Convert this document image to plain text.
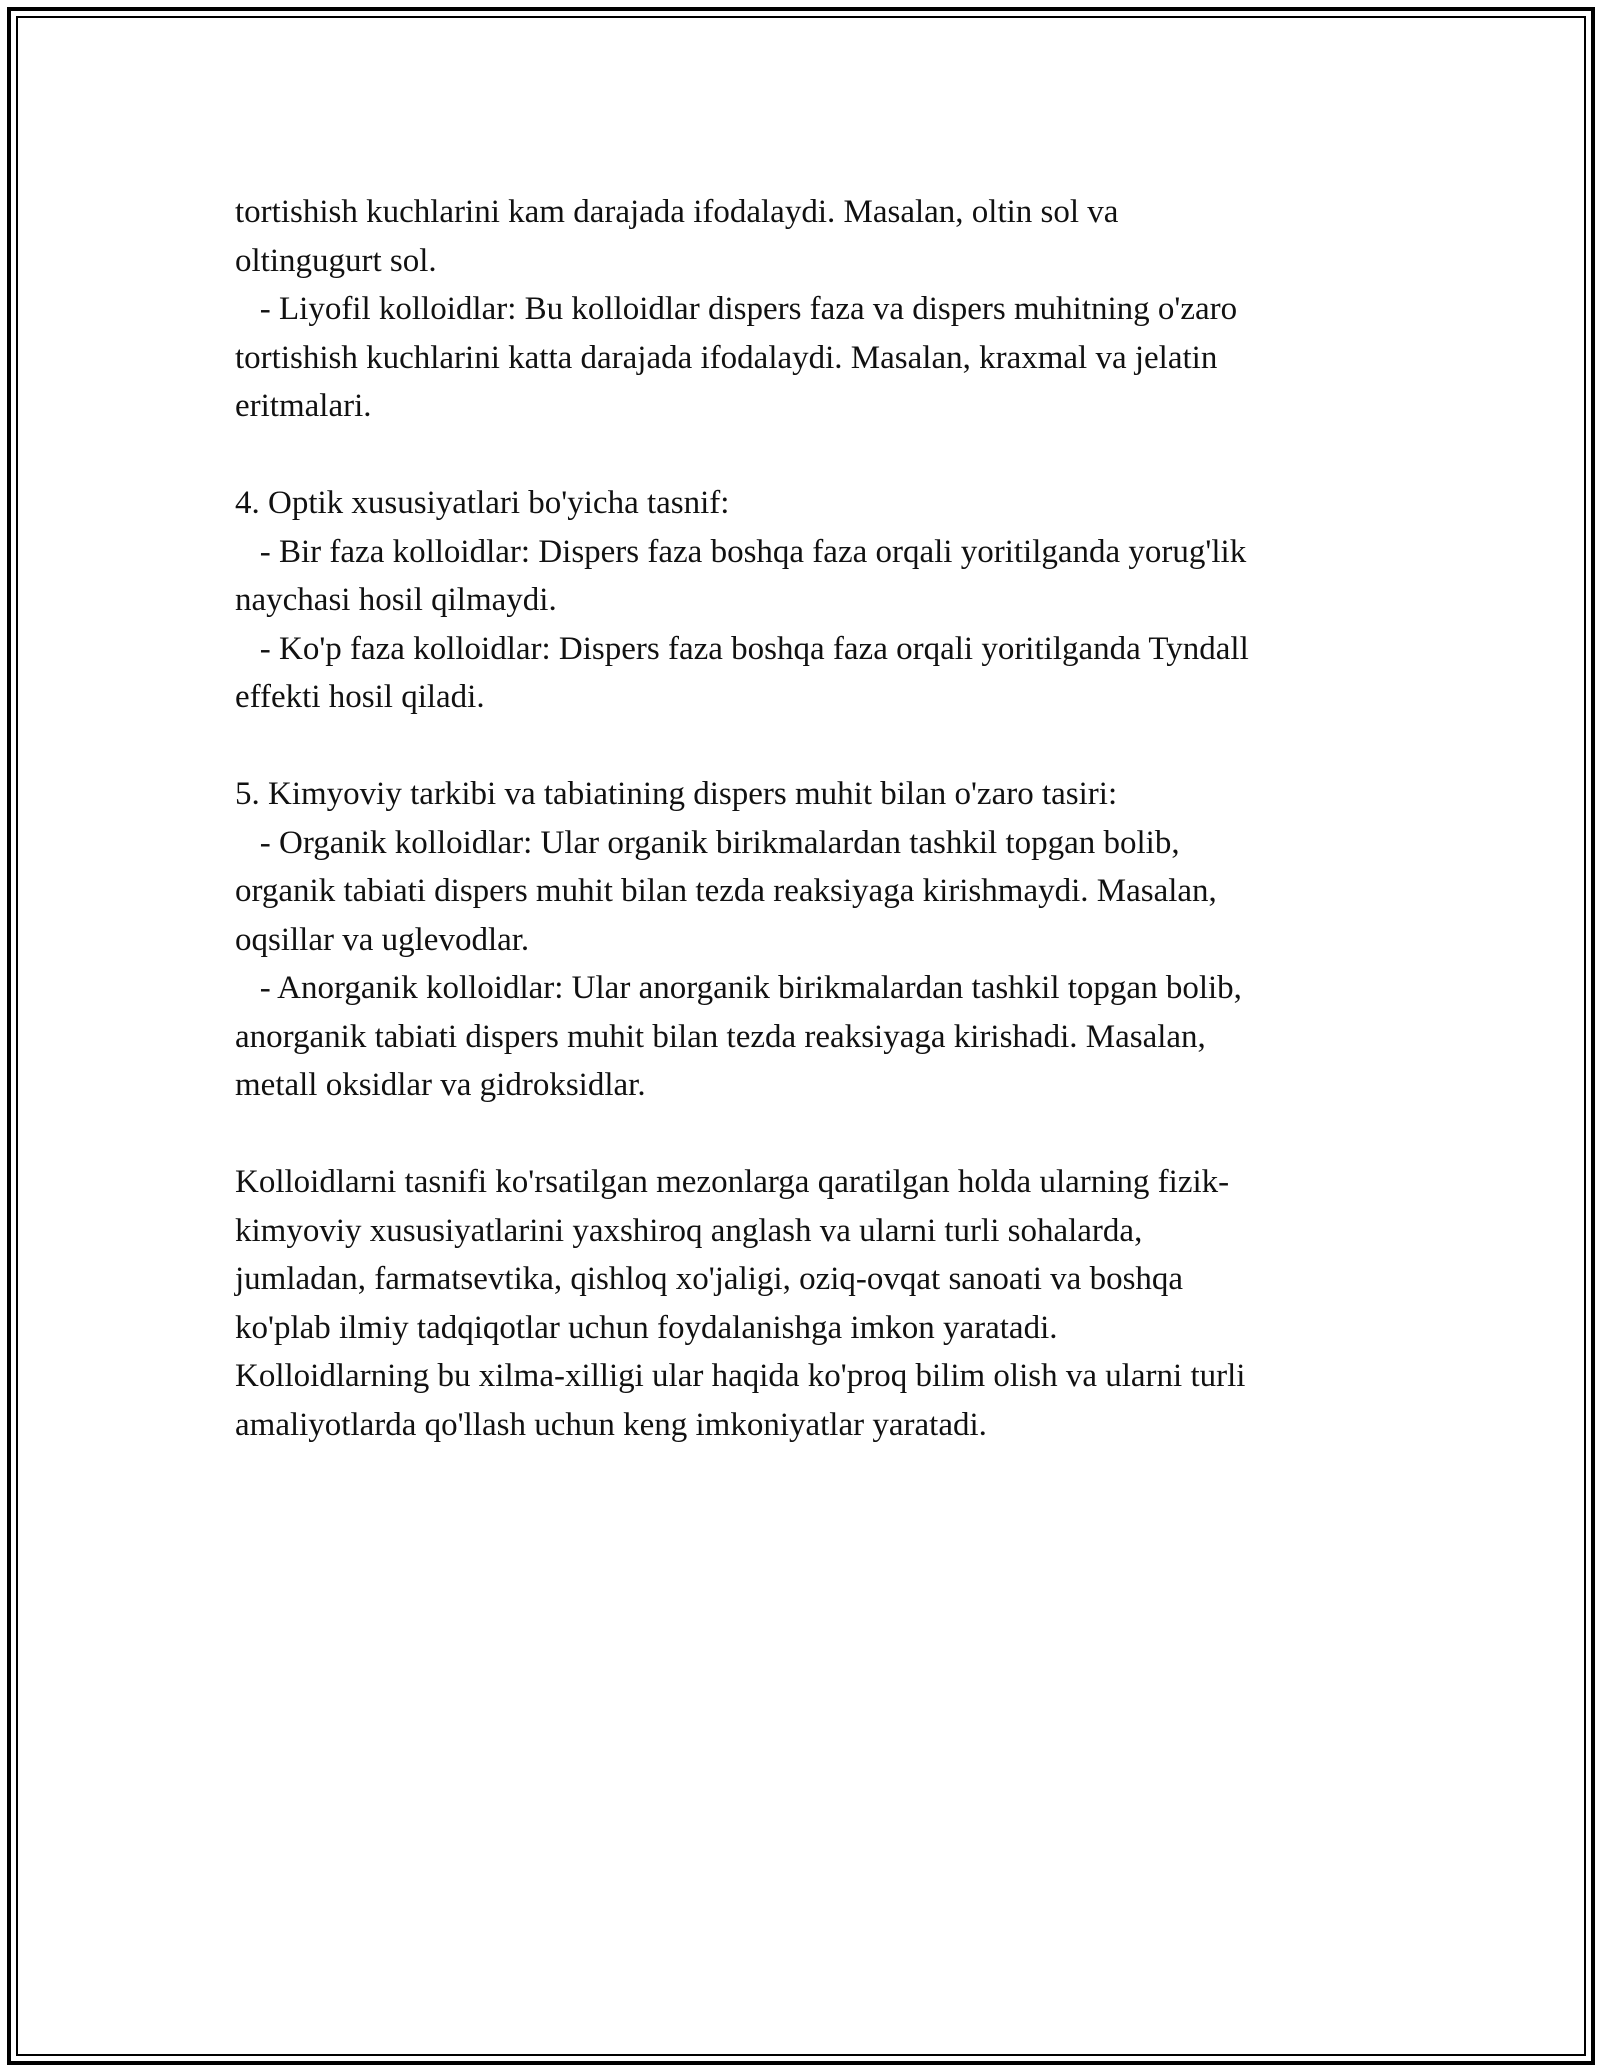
tortishish kuchlarini kam darajada ifodalaydi. Masalan, oltin sol va
oltingugurt sol.
- Liyofil kolloidlar: Bu kolloidlar dispers faza va dispers muhitning o'zaro
tortishish kuchlarini katta darajada ifodalaydi. Masalan, kraxmal va jelatin
eritmalari.
4. Optik xususiyatlari bo'yicha tasnif:
- Bir faza kolloidlar: Dispers faza boshqa faza orqali yoritilganda yorug'lik
naychasi hosil qilmaydi.
- Ko'p faza kolloidlar: Dispers faza boshqa faza orqali yoritilganda Tyndall
effekti hosil qiladi.
5. Kimyoviy tarkibi va tabiatining dispers muhit bilan o'zaro tasiri:
- Organik kolloidlar: Ular organik birikmalardan tashkil topgan bolib,
organik tabiati dispers muhit bilan tezda reaksiyaga kirishmaydi. Masalan,
oqsillar va uglevodlar.
- Anorganik kolloidlar: Ular anorganik birikmalardan tashkil topgan bolib,
anorganik tabiati dispers muhit bilan tezda reaksiyaga kirishadi. Masalan,
metall oksidlar va gidroksidlar.
Kolloidlarni tasnifi ko'rsatilgan mezonlarga qaratilgan holda ularning fizik-
kimyoviy xususiyatlarini yaxshiroq anglash va ularni turli sohalarda,
jumladan, farmatsevtika, qishloq xo'jaligi, oziq-ovqat sanoati va boshqa
ko'plab ilmiy tadqiqotlar uchun foydalanishga imkon yaratadi.
Kolloidlarning bu xilma-xilligi ular haqida ko'proq bilim olish va ularni turli
amaliyotlarda qo'llash uchun keng imkoniyatlar yaratadi.
